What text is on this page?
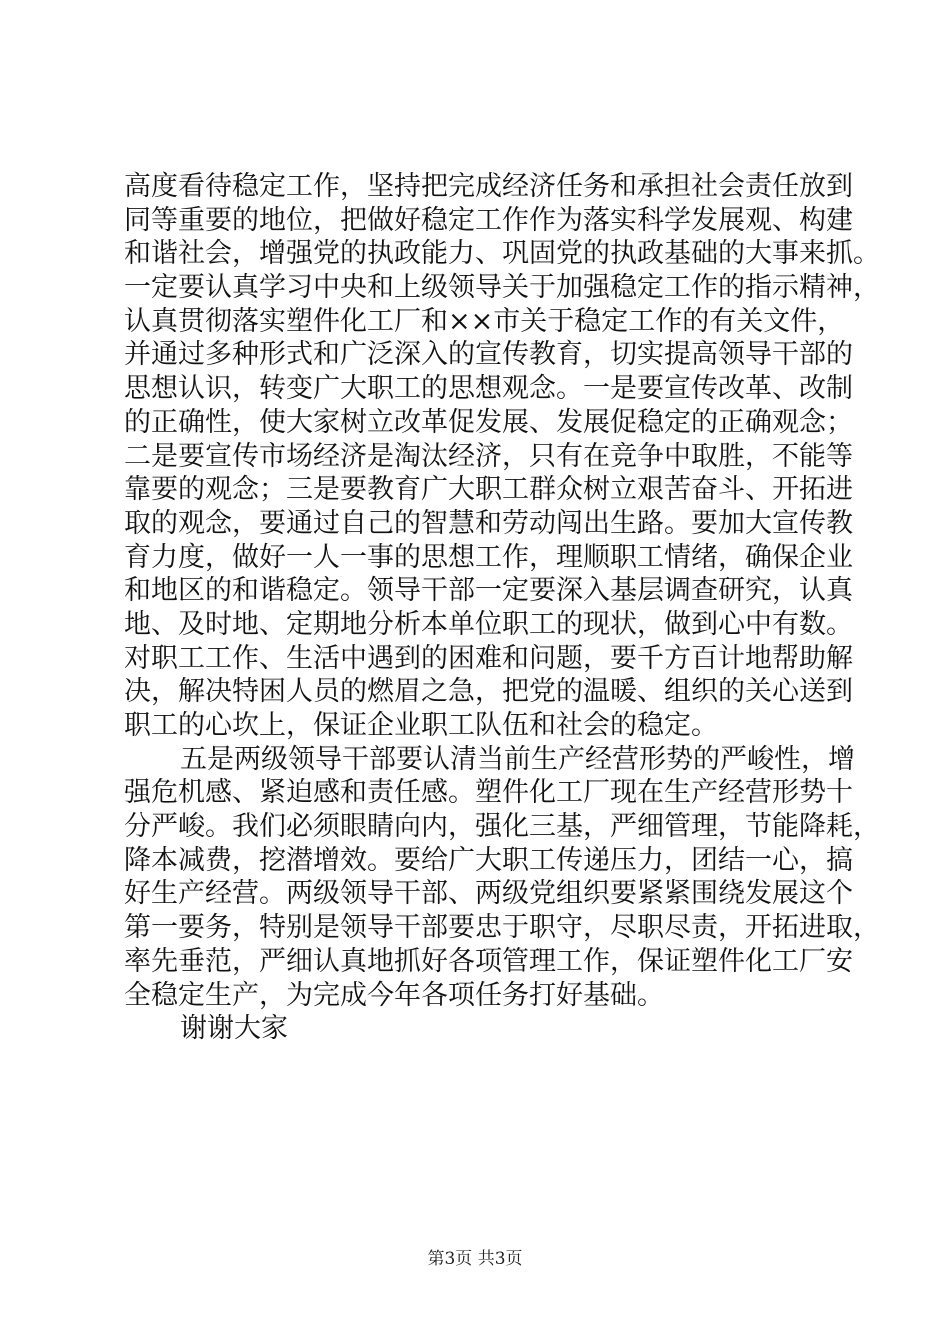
高度看待稳定工作，坚持把完成经济任务和承担社会责任放到
同等重要的地位，把做好稳定工作作为落实科学发展观、构建
和谐社会，增强党的执政能力、巩固党的执政基础的大事来抓。
一定要认真学习中央和上级领导关于加强稳定工作的指示精神，
认真贯彻落实塑件化工厂和××市关于稳定工作的有关文件，
并通过多种形式和广泛深入的宣传教育，切实提高领导干部的
思想认识，转变广大职工的思想观念。一是要宣传改革、改制
的正确性，使大家树立改革促发展、发展促稳定的正确观念；
二是要宣传市场经济是淘汰经济，只有在竞争中取胜，不能等
靠要的观念；三是要教育广大职工群众树立艰苦奋斗、开拓进
取的观念，要通过自己的智慧和劳动闯出生路。要加大宣传教
育力度，做好一人一事的思想工作，理顺职工情绪，确保企业
和地区的和谐稳定。领导干部一定要深入基层调查研究，认真
地、及时地、定期地分析本单位职工的现状，做到心中有数。
对职工工作、生活中遇到的困难和问题，要千方百计地帮助解
决，解决特困人员的燃眉之急，把党的温暖、组织的关心送到
职工的心坎上，保证企业职工队伍和社会的稳定。
五是两级领导干部要认清当前生产经营形势的严峻性，增
强危机感、紧迫感和责任感。塑件化工厂现在生产经营形势十
分严峻。我们必须眼睛向内，强化三基，严细管理，节能降耗，
降本减费，挖潜增效。要给广大职工传递压力，团结一心，搞
好生产经营。两级领导干部、两级党组织要紧紧围绕发展这个
第一要务，特别是领导干部要忠于职守，尽职尽责，开拓进取，
率先垂范，严细认真地抓好各项管理工作，保证塑件化工厂安
全稳定生产，为完成今年各项任务打好基础。
谢谢大家
第3页 共3页
